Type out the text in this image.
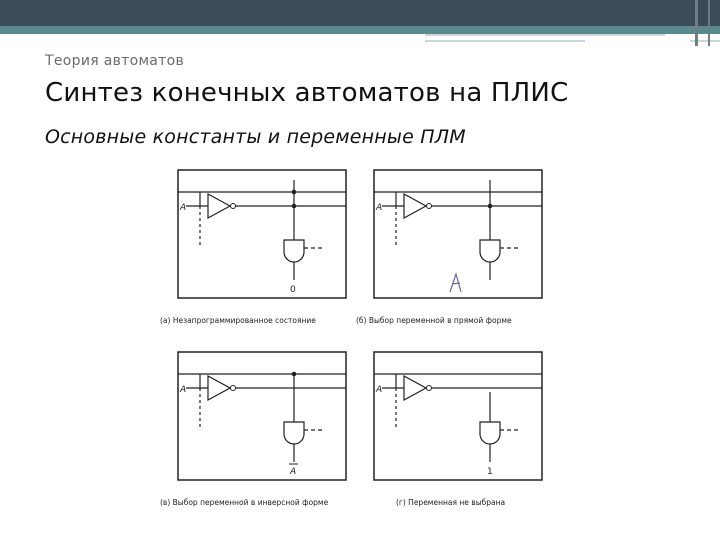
Теория автоматов
Синтез конечных автоматов на ПЛИС
Основные константы и переменные ПЛМ
A
0
(а) Незапрограммированное состояние
A
(б) Выбор переменной в прямой форме
A
A
(в) Выбор переменной в инверсной форме
A
1
(г) Переменная не выбрана
